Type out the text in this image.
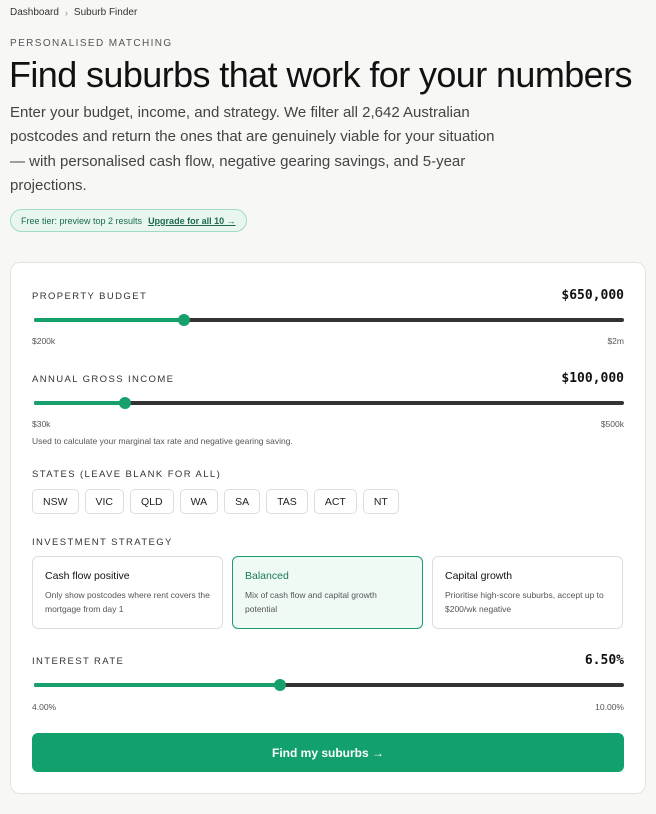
Dashboard › Suburb Finder
PERSONALISED MATCHING
Find suburbs that work for your numbers

Enter your budget, income, and strategy. We filter all 2,642 Australian postcodes and return the ones that are genuinely viable for your situation — with personalised cash flow, negative gearing savings, and 5-year projections.

Free tier: preview top 2 results Upgrade for all 10 →
PROPERTY BUDGET	$650,000
$200k	$2m
ANNUAL GROSS INCOME	$100,000
$30k	$500k
Used to calculate your marginal tax rate and negative gearing saving.
STATES (LEAVE BLANK FOR ALL)
NSW	VIC	QLD	WA	SA	TAS	ACT	NT
INVESTMENT STRATEGY
Cash flow positive
Only show postcodes where rent covers the mortgage from day 1
Balanced
Mix of cash flow and capital growth potential
Capital growth
Prioritise high-score suburbs, accept up to $200/wk negative
INTEREST RATE	6.50%
4.00%	10.00%
Find my suburbs →
